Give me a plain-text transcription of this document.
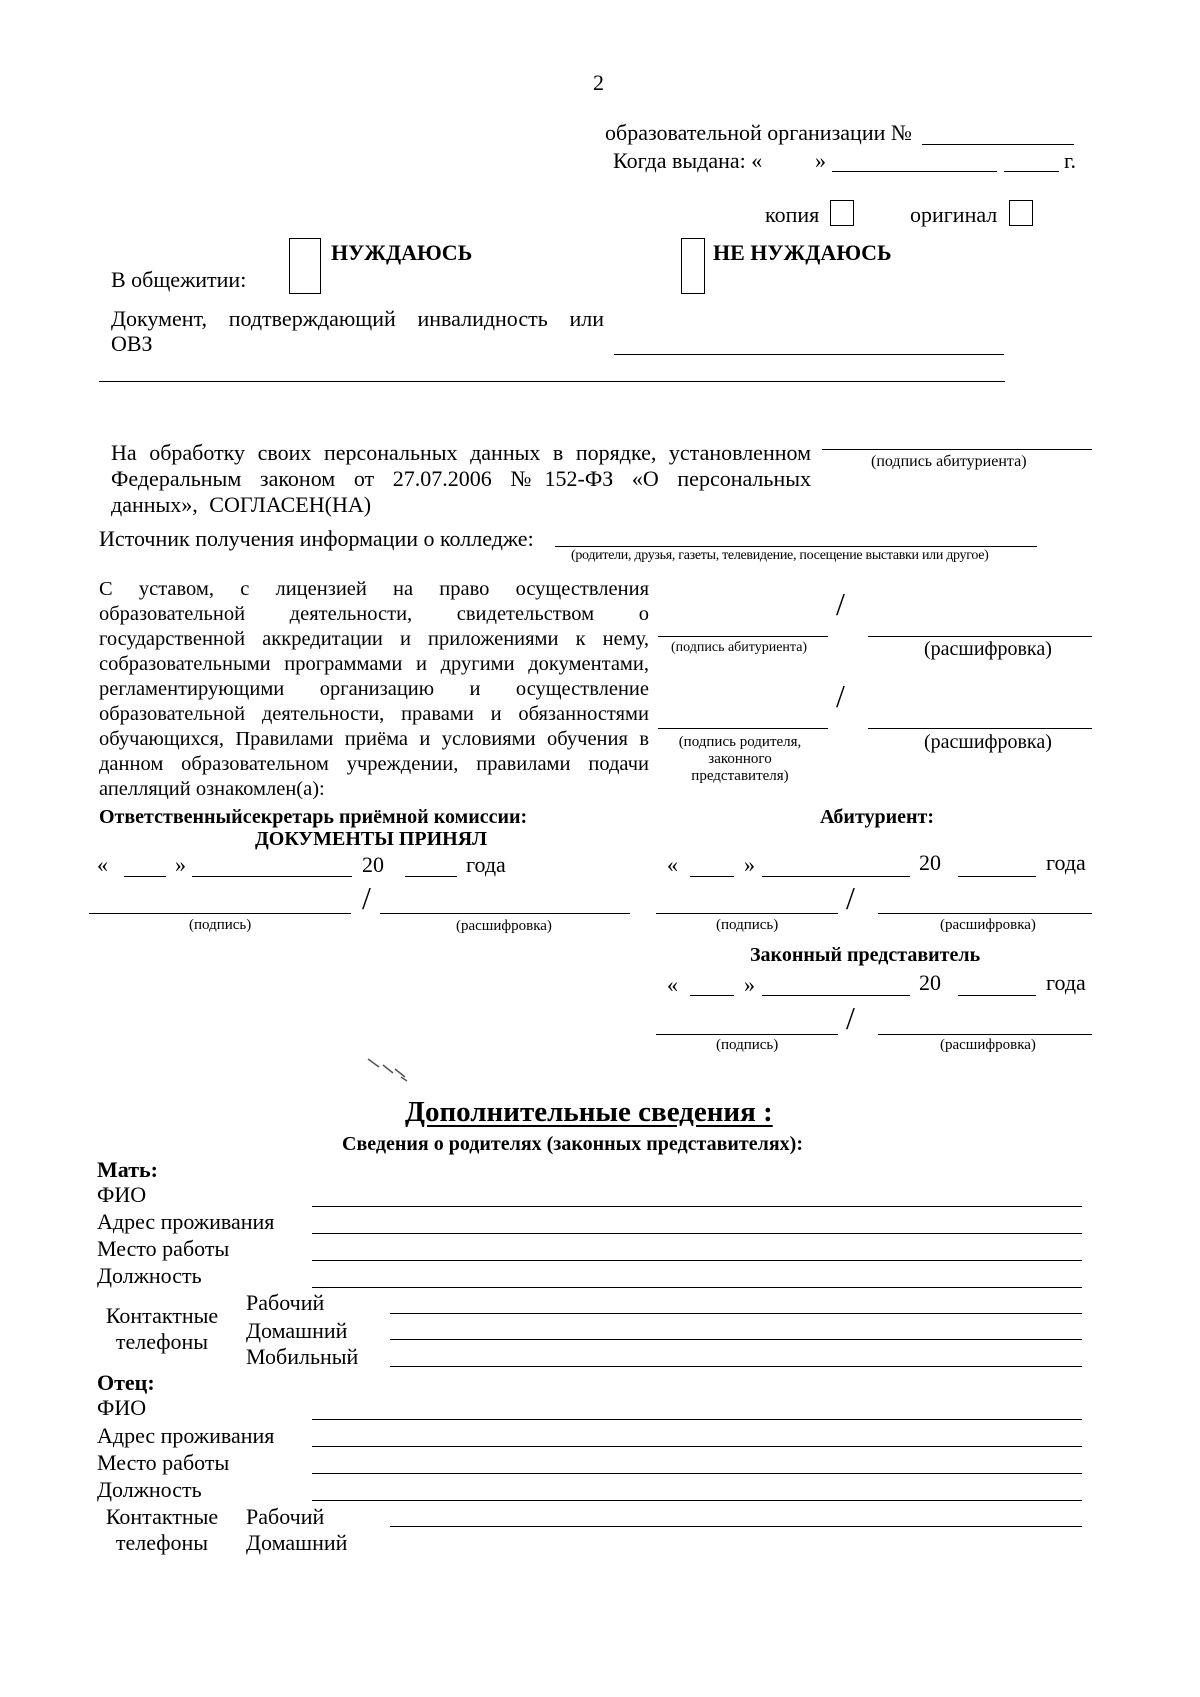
2
образовательной организации №
Когда выдана: « »	г.
копия	оригинал
НУЖДАЮСЬ
В общежитии:
НЕ НУЖДАЮСЬ
Документ, подтверждающий инвалидность или
ОВЗ
На обработку своих персональных данных в порядке, установленном
Федеральным законом от 27.07.2006 №152-ФЗ «О персональных
данных», СОГЛАСЕН(НА)
(подпись абитуриента)
Источник получения информации о колледже:
(родители, друзья, газеты, телевидение, посещение выставки или другое)
С уставом, с лицензией на право осуществления
образовательной деятельности, свидетельством о
государственной аккредитации и приложениями к нему,
собразовательными программами и другими документами,
регламентирующими организацию и осуществление
образовательной деятельности, правами и обязанностями
обучающихся, Правилами приёма и условиями обучения в
данном образовательном учреждении, правилами подачи
апелляций ознакомлен(а):
/
(подпись абитуриента)	(расшифровка)
/
(подпись родителя,
законного
представителя)
(расшифровка)
Ответственныйсекретарь приёмной комиссии:
ДОКУМЕНТЫ ПРИНЯЛ
«	»	20	года
/
(подпись)	(расшифровка)
Абитуриент:
«	»	20	года
/
(подпись)	(расшифровка)
Законный представитель
«	»	20	года
/
(подпись)	(расшифровка)
Дополнительные сведения :
Сведения о родителях (законных представителях):
Мать:
ФИО
Адрес проживания
Место работы
Должность
Контактные
телефоны
Рабочий
Домашний
Мобильный
Отец:
ФИО
Адрес проживания
Место работы
Должность
Контактные
телефоны
Рабочий
Домашний
